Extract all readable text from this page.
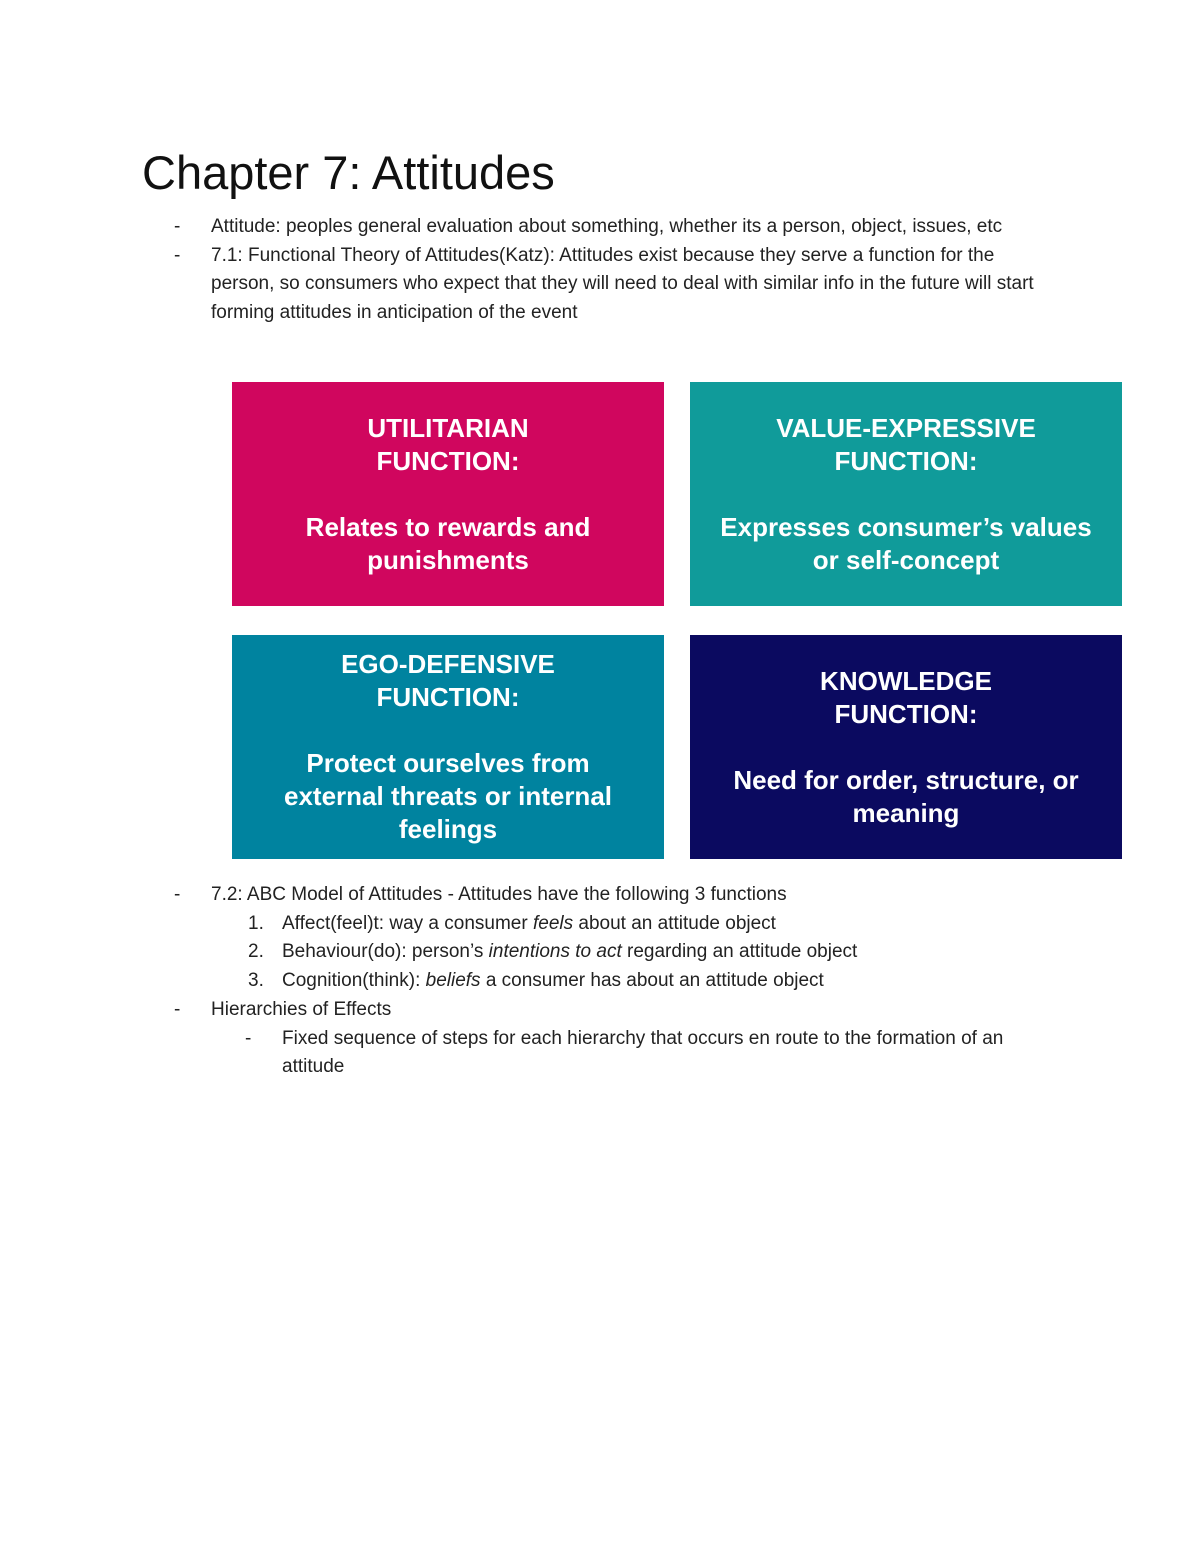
Chapter 7: Attitudes
- Attitude: peoples general evaluation about something, whether its a person, object, issues, etc
- 7.1: Functional Theory of Attitudes(Katz): Attitudes exist because they serve a function for the person, so consumers who expect that they will need to deal with similar info in the future will start forming attitudes in anticipation of the event
UTILITARIAN
FUNCTION:
Relates to rewards and
punishments
VALUE-EXPRESSIVE
FUNCTION:
Expresses consumer’s values
or self-concept
EGO-DEFENSIVE
FUNCTION:
Protect ourselves from
external threats or internal
feelings
KNOWLEDGE
FUNCTION:
Need for order, structure, or
meaning
- 7.2: ABC Model of Attitudes - Attitudes have the following 3 functions
1. Affect(feel)t: way a consumer feels about an attitude object
2. Behaviour(do): person’s intentions to act regarding an attitude object
3. Cognition(think): beliefs a consumer has about an attitude object
- Hierarchies of Effects
- Fixed sequence of steps for each hierarchy that occurs en route to the formation of an attitude
